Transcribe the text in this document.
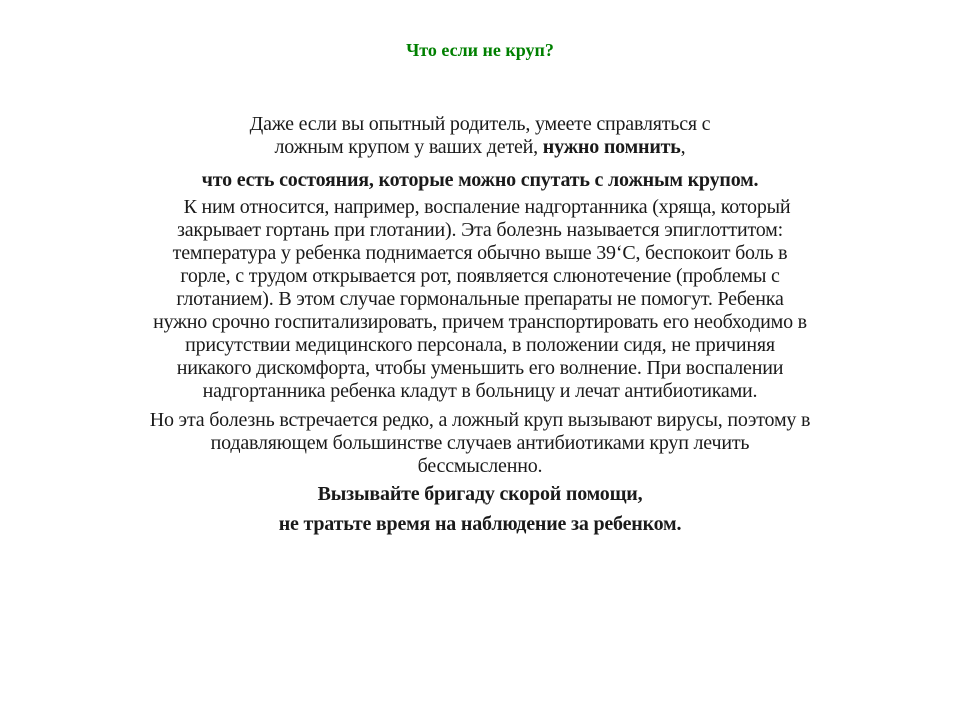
Что если не круп?
Даже если вы опытный родитель, умеете справляться с
ложным крупом у ваших детей, нужно помнить,
что есть состояния, которые можно спутать с ложным крупом.
К ним относится, например, воспаление надгортанника (хряща, который
закрывает гортань при глотании). Эта болезнь называется эпиглоттитом:
температура у ребенка поднимается обычно выше 39‘С, беспокоит боль в
горле, с трудом открывается рот, появляется слюнотечение (проблемы с
глотанием). В этом случае гормональные препараты не помогут. Ребенка
нужно срочно госпитализировать, причем транспортировать его необходимо в
присутствии медицинского персонала, в положении сидя, не причиняя
никакого дискомфорта, чтобы уменьшить его волнение. При воспалении
надгортанника ребенка кладут в больницу и лечат антибиотиками.
Но эта болезнь встречается редко, а ложный круп вызывают вирусы, поэтому в
подавляющем большинстве случаев антибиотиками круп лечить
бессмысленно.
Вызывайте бригаду скорой помощи,
не тратьте время на наблюдение за ребенком.
